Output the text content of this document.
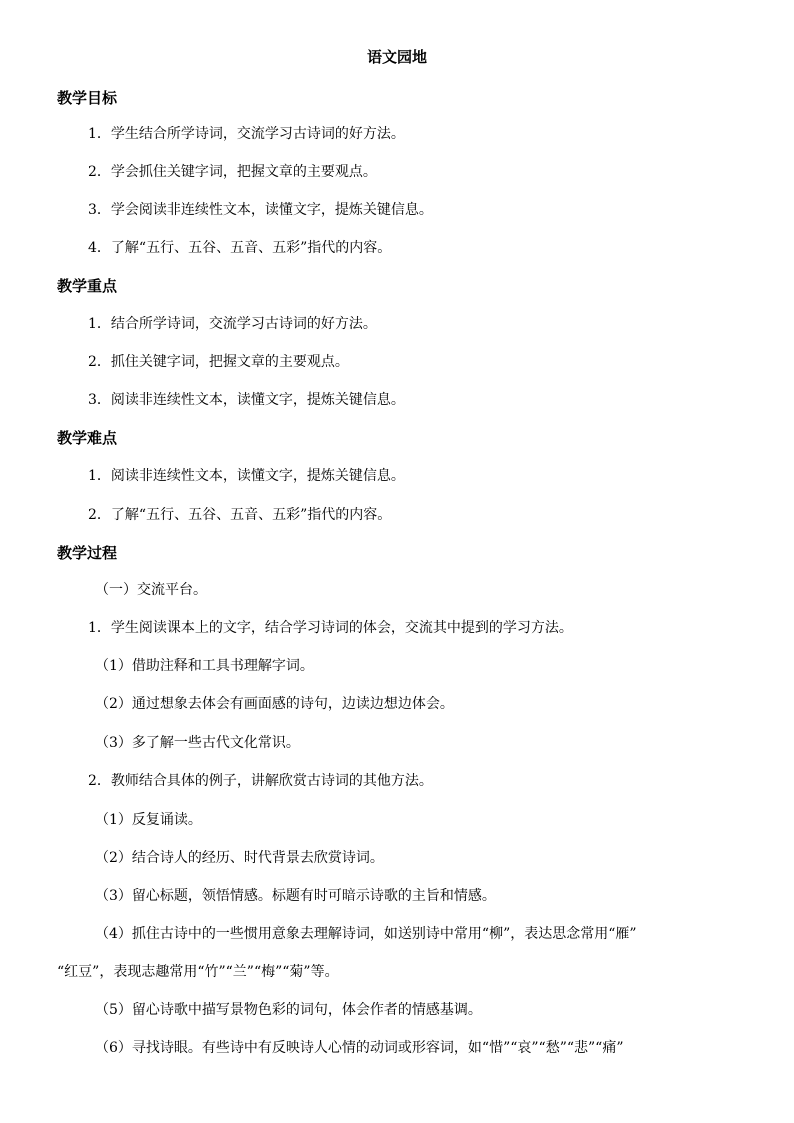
语文园地
教学目标
1．学生结合所学诗词，交流学习古诗词的好方法。
2．学会抓住关键字词，把握文章的主要观点。
3．学会阅读非连续性文本，读懂文字，提炼关键信息。
4．了解“五行、五谷、五音、五彩”指代的内容。
教学重点
1．结合所学诗词，交流学习古诗词的好方法。
2．抓住关键字词，把握文章的主要观点。
3．阅读非连续性文本，读懂文字，提炼关键信息。
教学难点
1．阅读非连续性文本，读懂文字，提炼关键信息。
2．了解“五行、五谷、五音、五彩”指代的内容。
教学过程
（一）交流平台。
1．学生阅读课本上的文字，结合学习诗词的体会，交流其中提到的学习方法。
（1）借助注释和工具书理解字词。
（2）通过想象去体会有画面感的诗句，边读边想边体会。
（3）多了解一些古代文化常识。
2．教师结合具体的例子，讲解欣赏古诗词的其他方法。
（1）反复诵读。
（2）结合诗人的经历、时代背景去欣赏诗词。
（3）留心标题，领悟情感。标题有时可暗示诗歌的主旨和情感。
（4）抓住古诗中的一些惯用意象去理解诗词，如送别诗中常用“柳”，表达思念常用“雁”
“红豆”，表现志趣常用“竹”“兰”“梅”“菊”等。
（5）留心诗歌中描写景物色彩的词句，体会作者的情感基调。
（6）寻找诗眼。有些诗中有反映诗人心情的动词或形容词，如“惜”“哀”“愁”“悲”“痛”
